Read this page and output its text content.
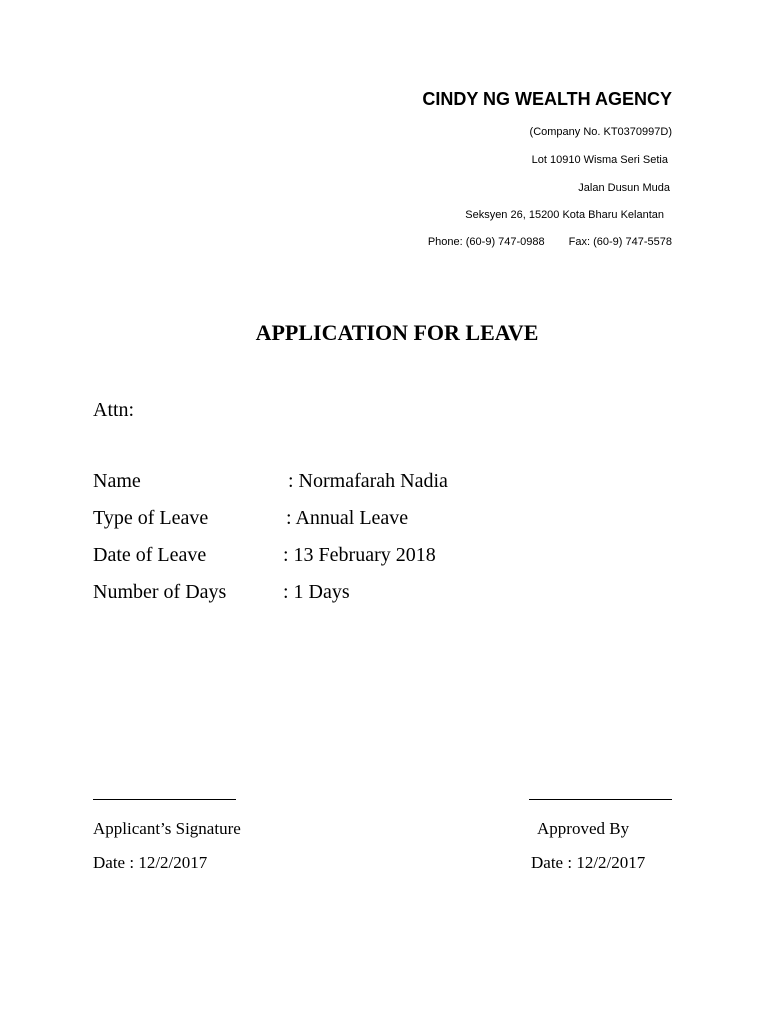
CINDY NG WEALTH AGENCY
(Company No. KT0370997D)
Lot 10910 Wisma Seri Setia
Jalan Dusun Muda
Seksyen 26, 15200 Kota Bharu Kelantan
Phone: (60-9) 747-0988 Fax: (60-9) 747-5578
APPLICATION FOR LEAVE
Attn:
Name	: Normafarah Nadia
Type of Leave	: Annual Leave
Date of Leave	: 13 February 2018
Number of Days	: 1 Days
Applicant’s Signature	Approved By
Date : 12/2/2017	Date : 12/2/2017
